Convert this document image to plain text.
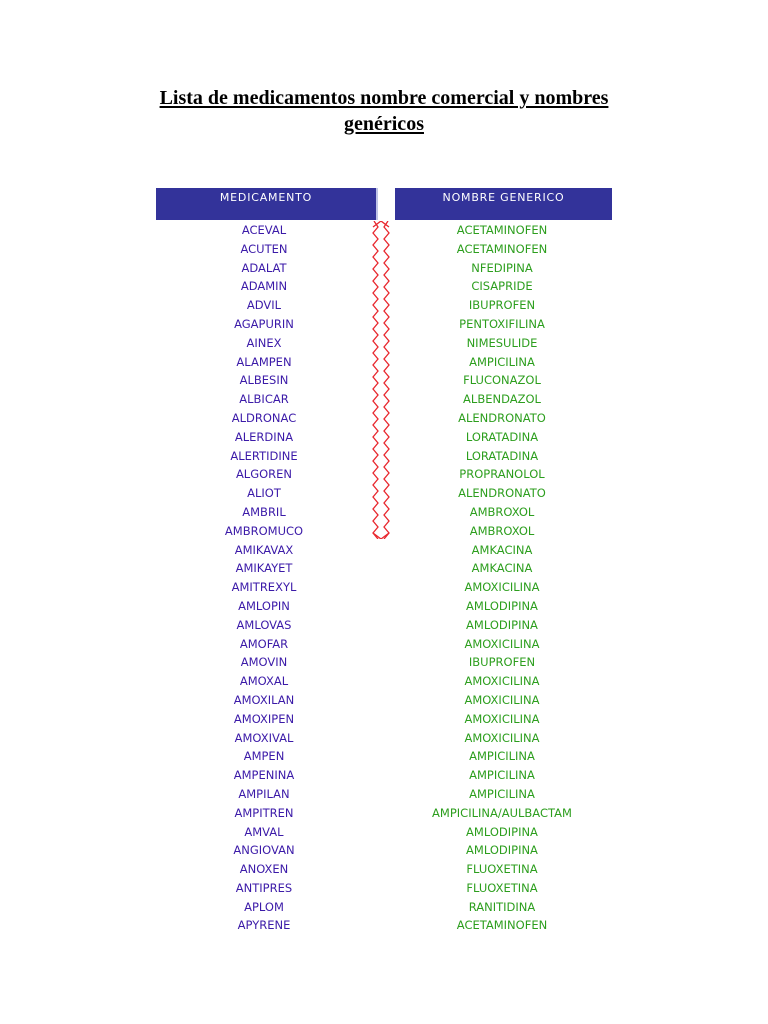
Lista de medicamentos nombre comercial y nombres
genéricos
MEDICAMENTO	NOMBRE GENERICO
ACEVAL	ACETAMINOFEN
ACUTEN	ACETAMINOFEN
ADALAT	NFEDIPINA
ADAMIN	CISAPRIDE
ADVIL	IBUPROFEN
AGAPURIN	PENTOXIFILINA
AINEX	NIMESULIDE
ALAMPEN	AMPICILINA
ALBESIN	FLUCONAZOL
ALBICAR	ALBENDAZOL
ALDRONAC	ALENDRONATO
ALERDINA	LORATADINA
ALERTIDINE	LORATADINA
ALGOREN	PROPRANOLOL
ALIOT	ALENDRONATO
AMBRIL	AMBROXOL
AMBROMUCO	AMBROXOL
AMIKAVAX	AMKACINA
AMIKAYET	AMKACINA
AMITREXYL	AMOXICILINA
AMLOPIN	AMLODIPINA
AMLOVAS	AMLODIPINA
AMOFAR	AMOXICILINA
AMOVIN	IBUPROFEN
AMOXAL	AMOXICILINA
AMOXILAN	AMOXICILINA
AMOXIPEN	AMOXICILINA
AMOXIVAL	AMOXICILINA
AMPEN	AMPICILINA
AMPENINA	AMPICILINA
AMPILAN	AMPICILINA
AMPITREN	AMPICILINA/AULBACTAM
AMVAL	AMLODIPINA
ANGIOVAN	AMLODIPINA
ANOXEN	FLUOXETINA
ANTIPRES	FLUOXETINA
APLOM	RANITIDINA
APYRENE	ACETAMINOFEN
